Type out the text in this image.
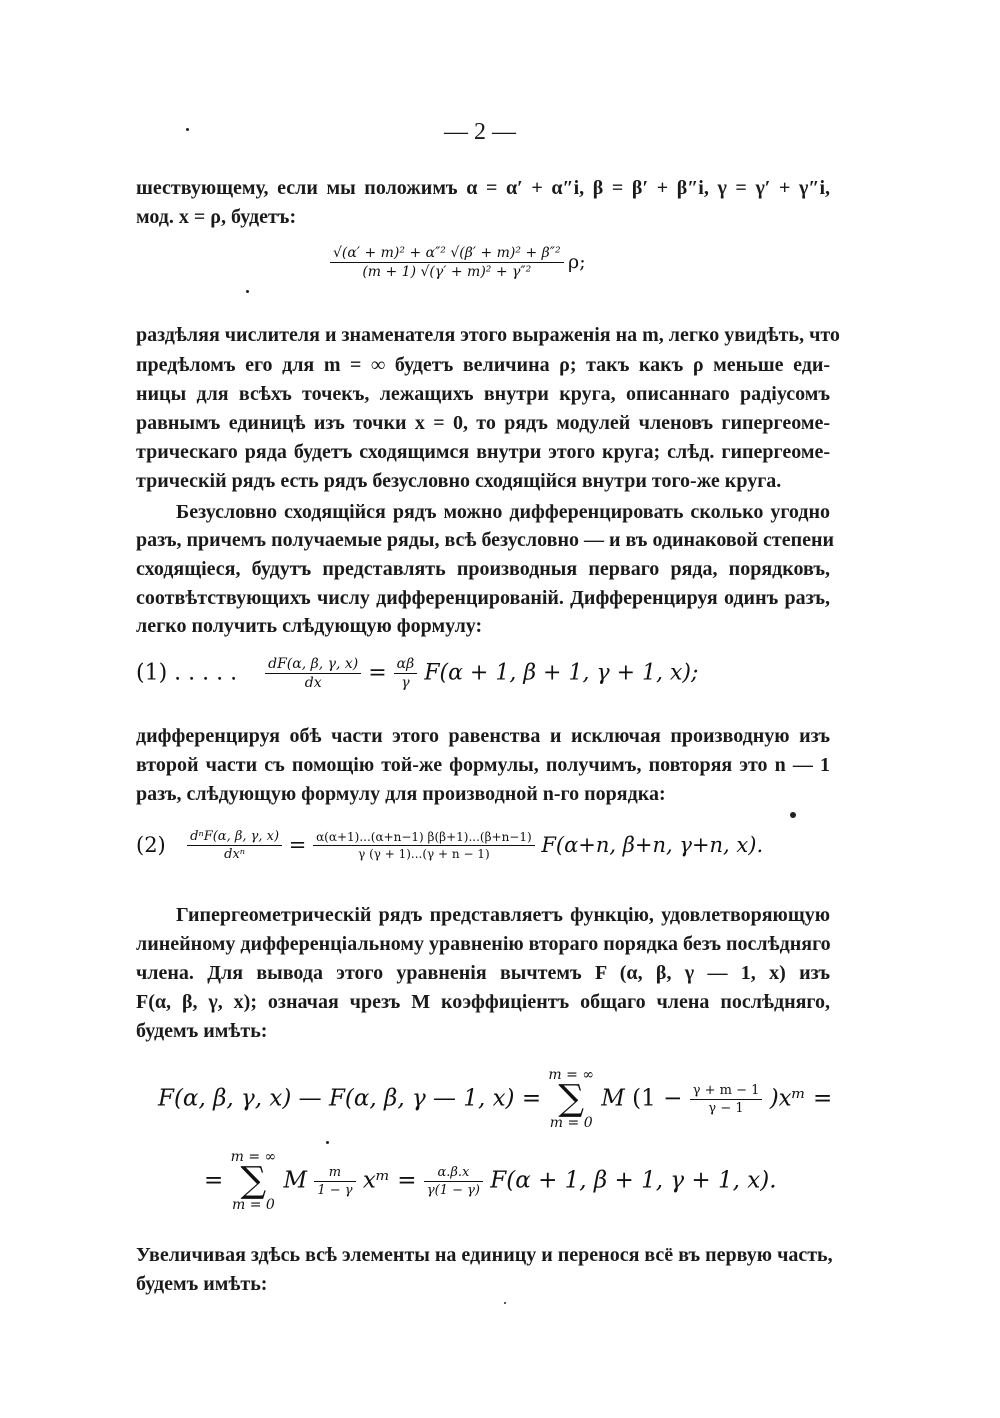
— 2 —
шествующему, если мы положимъ α = α′ + α″i, β = β′ + β″i, γ = γ′ + γ″i,
мод. x = ρ, будетъ:
$\frac{\text{√(α′ + m)² + α″² √(β′ + m)² + β″²}}{\text{(m + 1) √(γ′ + m)² + γ″²}} \rho$;
раздѣляя числителя и знаменателя этого выраженія на m, легко увидѣть, что
предѣломъ его для m = ∞ будетъ величина ρ; такъ какъ ρ меньше еди-
ницы для всѣхъ точекъ, лежащихъ внутри круга, описаннаго радіусомъ
равнымъ единицѣ изъ точки x = 0, то рядъ модулей членовъ гипергеоме-
трическаго ряда будетъ сходящимся внутри этого круга; слѣд. гипергеоме-
трическій рядъ есть рядъ безусловно сходящійся внутри того-же круга.
Безусловно сходящійся рядъ можно дифференцировать сколько угодно
разъ, причемъ получаемые ряды, всѣ безусловно — и въ одинаковой степени
сходящіеся, будутъ представлять производныя перваго ряда, порядковъ,
соотвѣтствующихъ числу дифференцированій. Дифференцируя одинъ разъ,
легко получить слѣдующую формулу:
(1) . . . . . $\frac{dF(\alpha, \beta, \gamma, x)}{dx} = \frac{\alpha\beta}{\gamma} F(\alpha + 1$, β + 1, γ + 1, x);
дифференцируя обѣ части этого равенства и исключая производную изъ
второй части съ помощію той-же формулы, получимъ, повторяя это n — 1
разъ, слѣдующую формулу для производной n-го порядка:
$(2) \frac{\text{dⁿF(α, β, γ, x)}}{\text{dxⁿ}} = \frac{\alpha(\alpha+1)...(\alpha+n-1) \beta(\beta+1)...(\beta+n-1)}{\gamma (\gamma + 1)...(\gamma + n - 1)} F(\alpha+n$, β+n, γ+n, x).
Гипергеометрическій рядъ представляетъ функцію, удовлетворяющую
линейному дифференціальному уравненію втораго порядка безъ послѣдняго
члена. Для вывода этого уравненія вычтемъ F (α, β, γ — 1, x) изъ
F(α, β, γ, x); означая чрезъ M коэффиціентъ общаго члена послѣдняго,
будемъ имѣть:
F(α, β, γ, x) — F(α, β, γ — 1, x) =
m = ∞
∑
m = 0
M ($1 - \frac{\gamma + m - 1}{\gamma - 1}$ )xᵐ =
=
m = ∞
∑
m = 0
M $\frac{m}{1 - \gamma}$ xᵐ = $\frac{\alpha.\beta.x}{\gamma(1 - \gamma)} F(\alpha + 1$, β + 1, γ + 1, x).
Увеличивая здѣсь всѣ элементы на единицу и перенося всё въ первую часть,
будемъ имѣть:
